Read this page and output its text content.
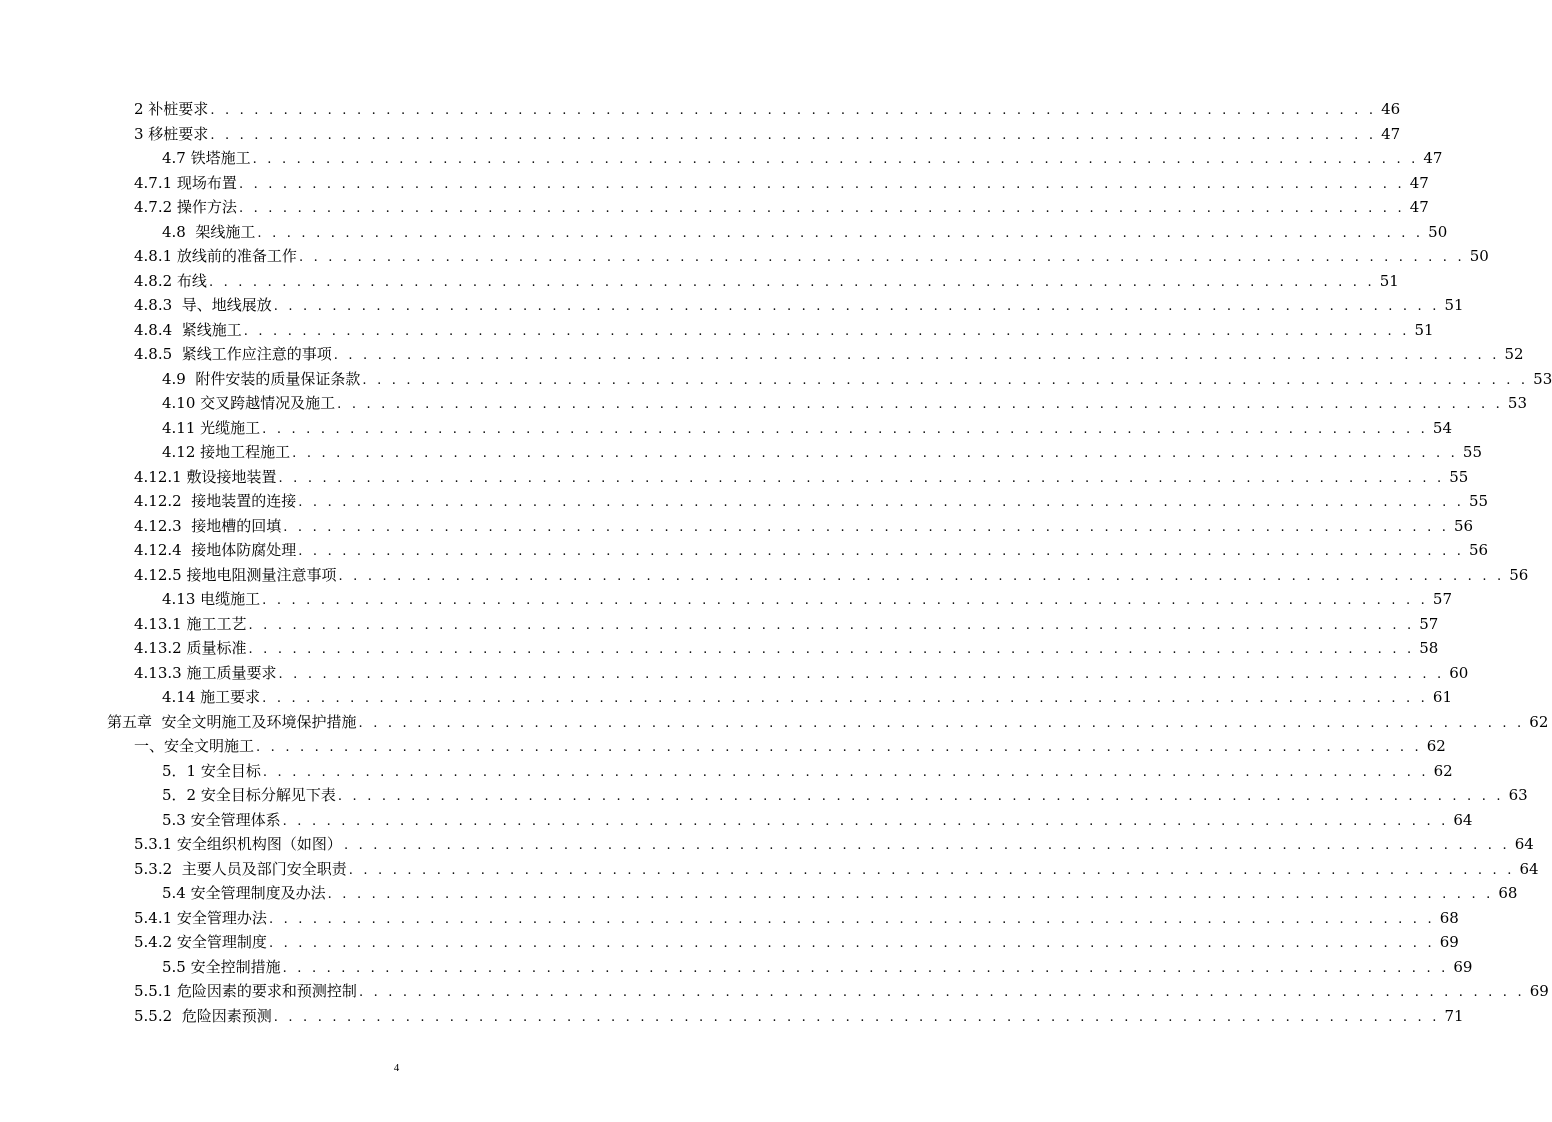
2 补桩要求 . . . . . . . . . . . . . . . . . . . . . . . . . . . . . . . . . . . . . . . . . . . . . . . . . . . . . . . . . . . . . . . . . . . . . . . . . . . . . . . . 46
3 移桩要求 . . . . . . . . . . . . . . . . . . . . . . . . . . . . . . . . . . . . . . . . . . . . . . . . . . . . . . . . . . . . . . . . . . . . . . . . . . . . . . . . 47
4.7 铁塔施工 . . . . . . . . . . . . . . . . . . . . . . . . . . . . . . . . . . . . . . . . . . . . . . . . . . . . . . . . . . . . . . . . . . . . . . . . . . . . . . . . 47
4.7.1 现场布置 . . . . . . . . . . . . . . . . . . . . . . . . . . . . . . . . . . . . . . . . . . . . . . . . . . . . . . . . . . . . . . . . . . . . . . . . . . . . . . . . 47
4.7.2 操作方法 . . . . . . . . . . . . . . . . . . . . . . . . . . . . . . . . . . . . . . . . . . . . . . . . . . . . . . . . . . . . . . . . . . . . . . . . . . . . . . . . 47
4.8  架线施工 . . . . . . . . . . . . . . . . . . . . . . . . . . . . . . . . . . . . . . . . . . . . . . . . . . . . . . . . . . . . . . . . . . . . . . . . . . . . . . . . 50
4.8.1 放线前的准备工作 . . . . . . . . . . . . . . . . . . . . . . . . . . . . . . . . . . . . . . . . . . . . . . . . . . . . . . . . . . . . . . . . . . . . . . . . . . . . . . . . 50
4.8.2 布线 . . . . . . . . . . . . . . . . . . . . . . . . . . . . . . . . . . . . . . . . . . . . . . . . . . . . . . . . . . . . . . . . . . . . . . . . . . . . . . . . 51
4.8.3  导、地线展放 . . . . . . . . . . . . . . . . . . . . . . . . . . . . . . . . . . . . . . . . . . . . . . . . . . . . . . . . . . . . . . . . . . . . . . . . . . . . . . . . 51
4.8.4  紧线施工 . . . . . . . . . . . . . . . . . . . . . . . . . . . . . . . . . . . . . . . . . . . . . . . . . . . . . . . . . . . . . . . . . . . . . . . . . . . . . . . . 51
4.8.5  紧线工作应注意的事项 . . . . . . . . . . . . . . . . . . . . . . . . . . . . . . . . . . . . . . . . . . . . . . . . . . . . . . . . . . . . . . . . . . . . . . . . . . . . . . . . 52
4.9  附件安装的质量保证条款 . . . . . . . . . . . . . . . . . . . . . . . . . . . . . . . . . . . . . . . . . . . . . . . . . . . . . . . . . . . . . . . . . . . . . . . . . . . . . . . . 53
4.10 交叉跨越情况及施工 . . . . . . . . . . . . . . . . . . . . . . . . . . . . . . . . . . . . . . . . . . . . . . . . . . . . . . . . . . . . . . . . . . . . . . . . . . . . . . . . 53
4.11 光缆施工 . . . . . . . . . . . . . . . . . . . . . . . . . . . . . . . . . . . . . . . . . . . . . . . . . . . . . . . . . . . . . . . . . . . . . . . . . . . . . . . . 54
4.12 接地工程施工 . . . . . . . . . . . . . . . . . . . . . . . . . . . . . . . . . . . . . . . . . . . . . . . . . . . . . . . . . . . . . . . . . . . . . . . . . . . . . . . . 55
4.12.1 敷设接地装置 . . . . . . . . . . . . . . . . . . . . . . . . . . . . . . . . . . . . . . . . . . . . . . . . . . . . . . . . . . . . . . . . . . . . . . . . . . . . . . . . 55
4.12.2  接地装置的连接 . . . . . . . . . . . . . . . . . . . . . . . . . . . . . . . . . . . . . . . . . . . . . . . . . . . . . . . . . . . . . . . . . . . . . . . . . . . . . . . . 55
4.12.3  接地槽的回填 . . . . . . . . . . . . . . . . . . . . . . . . . . . . . . . . . . . . . . . . . . . . . . . . . . . . . . . . . . . . . . . . . . . . . . . . . . . . . . . . 56
4.12.4  接地体防腐处理 . . . . . . . . . . . . . . . . . . . . . . . . . . . . . . . . . . . . . . . . . . . . . . . . . . . . . . . . . . . . . . . . . . . . . . . . . . . . . . . . 56
4.12.5 接地电阻测量注意事项 . . . . . . . . . . . . . . . . . . . . . . . . . . . . . . . . . . . . . . . . . . . . . . . . . . . . . . . . . . . . . . . . . . . . . . . . . . . . . . . . 56
4.13 电缆施工 . . . . . . . . . . . . . . . . . . . . . . . . . . . . . . . . . . . . . . . . . . . . . . . . . . . . . . . . . . . . . . . . . . . . . . . . . . . . . . . . 57
4.13.1 施工工艺 . . . . . . . . . . . . . . . . . . . . . . . . . . . . . . . . . . . . . . . . . . . . . . . . . . . . . . . . . . . . . . . . . . . . . . . . . . . . . . . . 57
4.13.2 质量标准 . . . . . . . . . . . . . . . . . . . . . . . . . . . . . . . . . . . . . . . . . . . . . . . . . . . . . . . . . . . . . . . . . . . . . . . . . . . . . . . . 58
4.13.3 施工质量要求 . . . . . . . . . . . . . . . . . . . . . . . . . . . . . . . . . . . . . . . . . . . . . . . . . . . . . . . . . . . . . . . . . . . . . . . . . . . . . . . . 60
4.14 施工要求 . . . . . . . . . . . . . . . . . . . . . . . . . . . . . . . . . . . . . . . . . . . . . . . . . . . . . . . . . . . . . . . . . . . . . . . . . . . . . . . . 61
第五章  安全文明施工及环境保护措施 . . . . . . . . . . . . . . . . . . . . . . . . . . . . . . . . . . . . . . . . . . . . . . . . . . . . . . . . . . . . . . . . . . . . . . . . . . . . . . . . 62
一、安全文明施工 . . . . . . . . . . . . . . . . . . . . . . . . . . . . . . . . . . . . . . . . . . . . . . . . . . . . . . . . . . . . . . . . . . . . . . . . . . . . . . . . 62
5．1 安全目标 . . . . . . . . . . . . . . . . . . . . . . . . . . . . . . . . . . . . . . . . . . . . . . . . . . . . . . . . . . . . . . . . . . . . . . . . . . . . . . . . 62
5．2 安全目标分解见下表 . . . . . . . . . . . . . . . . . . . . . . . . . . . . . . . . . . . . . . . . . . . . . . . . . . . . . . . . . . . . . . . . . . . . . . . . . . . . . . . . 63
5.3 安全管理体系 . . . . . . . . . . . . . . . . . . . . . . . . . . . . . . . . . . . . . . . . . . . . . . . . . . . . . . . . . . . . . . . . . . . . . . . . . . . . . . . . 64
5.3.1 安全组织机构图（如图） . . . . . . . . . . . . . . . . . . . . . . . . . . . . . . . . . . . . . . . . . . . . . . . . . . . . . . . . . . . . . . . . . . . . . . . . . . . . . . . . 64
5.3.2  主要人员及部门安全职责 . . . . . . . . . . . . . . . . . . . . . . . . . . . . . . . . . . . . . . . . . . . . . . . . . . . . . . . . . . . . . . . . . . . . . . . . . . . . . . . . 64
5.4 安全管理制度及办法 . . . . . . . . . . . . . . . . . . . . . . . . . . . . . . . . . . . . . . . . . . . . . . . . . . . . . . . . . . . . . . . . . . . . . . . . . . . . . . . . 68
5.4.1 安全管理办法 . . . . . . . . . . . . . . . . . . . . . . . . . . . . . . . . . . . . . . . . . . . . . . . . . . . . . . . . . . . . . . . . . . . . . . . . . . . . . . . . 68
5.4.2 安全管理制度 . . . . . . . . . . . . . . . . . . . . . . . . . . . . . . . . . . . . . . . . . . . . . . . . . . . . . . . . . . . . . . . . . . . . . . . . . . . . . . . . 69
5.5 安全控制措施 . . . . . . . . . . . . . . . . . . . . . . . . . . . . . . . . . . . . . . . . . . . . . . . . . . . . . . . . . . . . . . . . . . . . . . . . . . . . . . . . 69
5.5.1 危险因素的要求和预测控制 . . . . . . . . . . . . . . . . . . . . . . . . . . . . . . . . . . . . . . . . . . . . . . . . . . . . . . . . . . . . . . . . . . . . . . . . . . . . . . . . 69
5.5.2  危险因素预测 . . . . . . . . . . . . . . . . . . . . . . . . . . . . . . . . . . . . . . . . . . . . . . . . . . . . . . . . . . . . . . . . . . . . . . . . . . . . . . . . 71
4
